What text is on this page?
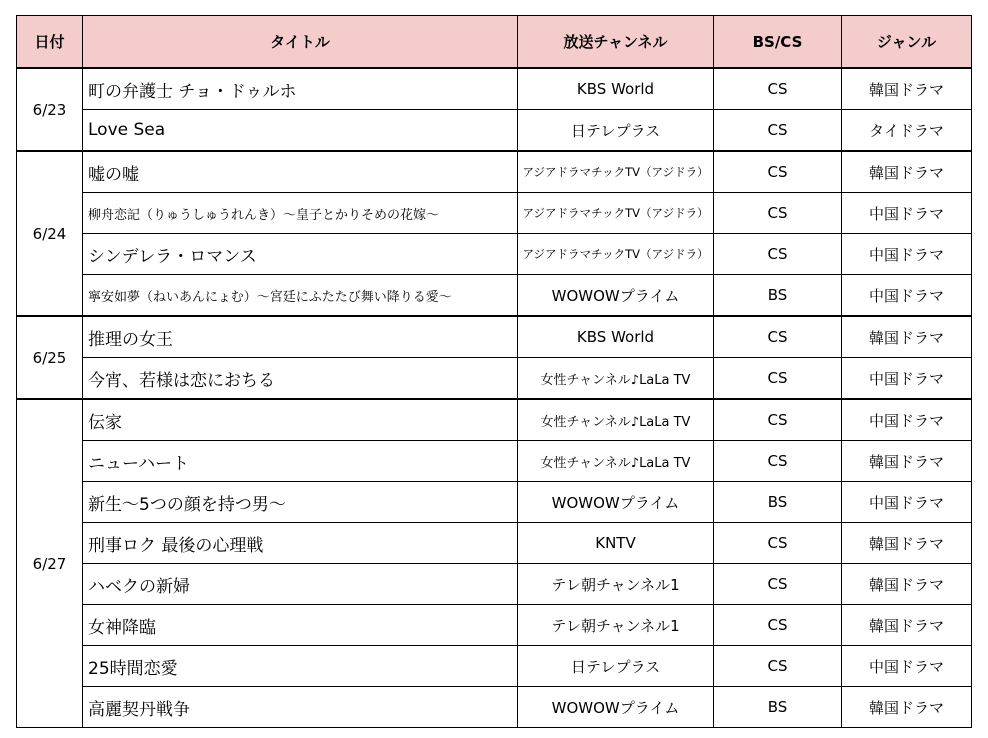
日付	タイトル	放送チャンネル	BS/CS	ジャンル
6/23	町の弁護士 チョ・ドゥルホ	KBS World	CS	韓国ドラマ
	Love Sea	日テレプラス	CS	タイドラマ
6/24	嘘の嘘	アジアドラマチックTV（アジドラ）	CS	韓国ドラマ
	柳舟恋記（りゅうしゅうれんき）～皇子とかりそめの花嫁～	アジアドラマチックTV（アジドラ）	CS	中国ドラマ
	シンデレラ・ロマンス	アジアドラマチックTV（アジドラ）	CS	中国ドラマ
	寧安如夢（ねいあんにょむ）～宮廷にふたたび舞い降りる愛～	WOWOWプライム	BS	中国ドラマ
6/25	推理の女王	KBS World	CS	韓国ドラマ
	今宵、若様は恋におちる	女性チャンネル♪LaLa TV	CS	中国ドラマ
6/27	伝家	女性チャンネル♪LaLa TV	CS	中国ドラマ
	ニューハート	女性チャンネル♪LaLa TV	CS	韓国ドラマ
	新生～5つの顔を持つ男～	WOWOWプライム	BS	中国ドラマ
	刑事ロク 最後の心理戦	KNTV	CS	韓国ドラマ
	ハベクの新婦	テレ朝チャンネル1	CS	韓国ドラマ
	女神降臨	テレ朝チャンネル1	CS	韓国ドラマ
	25時間恋愛	日テレプラス	CS	中国ドラマ
	高麗契丹戦争	WOWOWプライム	BS	韓国ドラマ
